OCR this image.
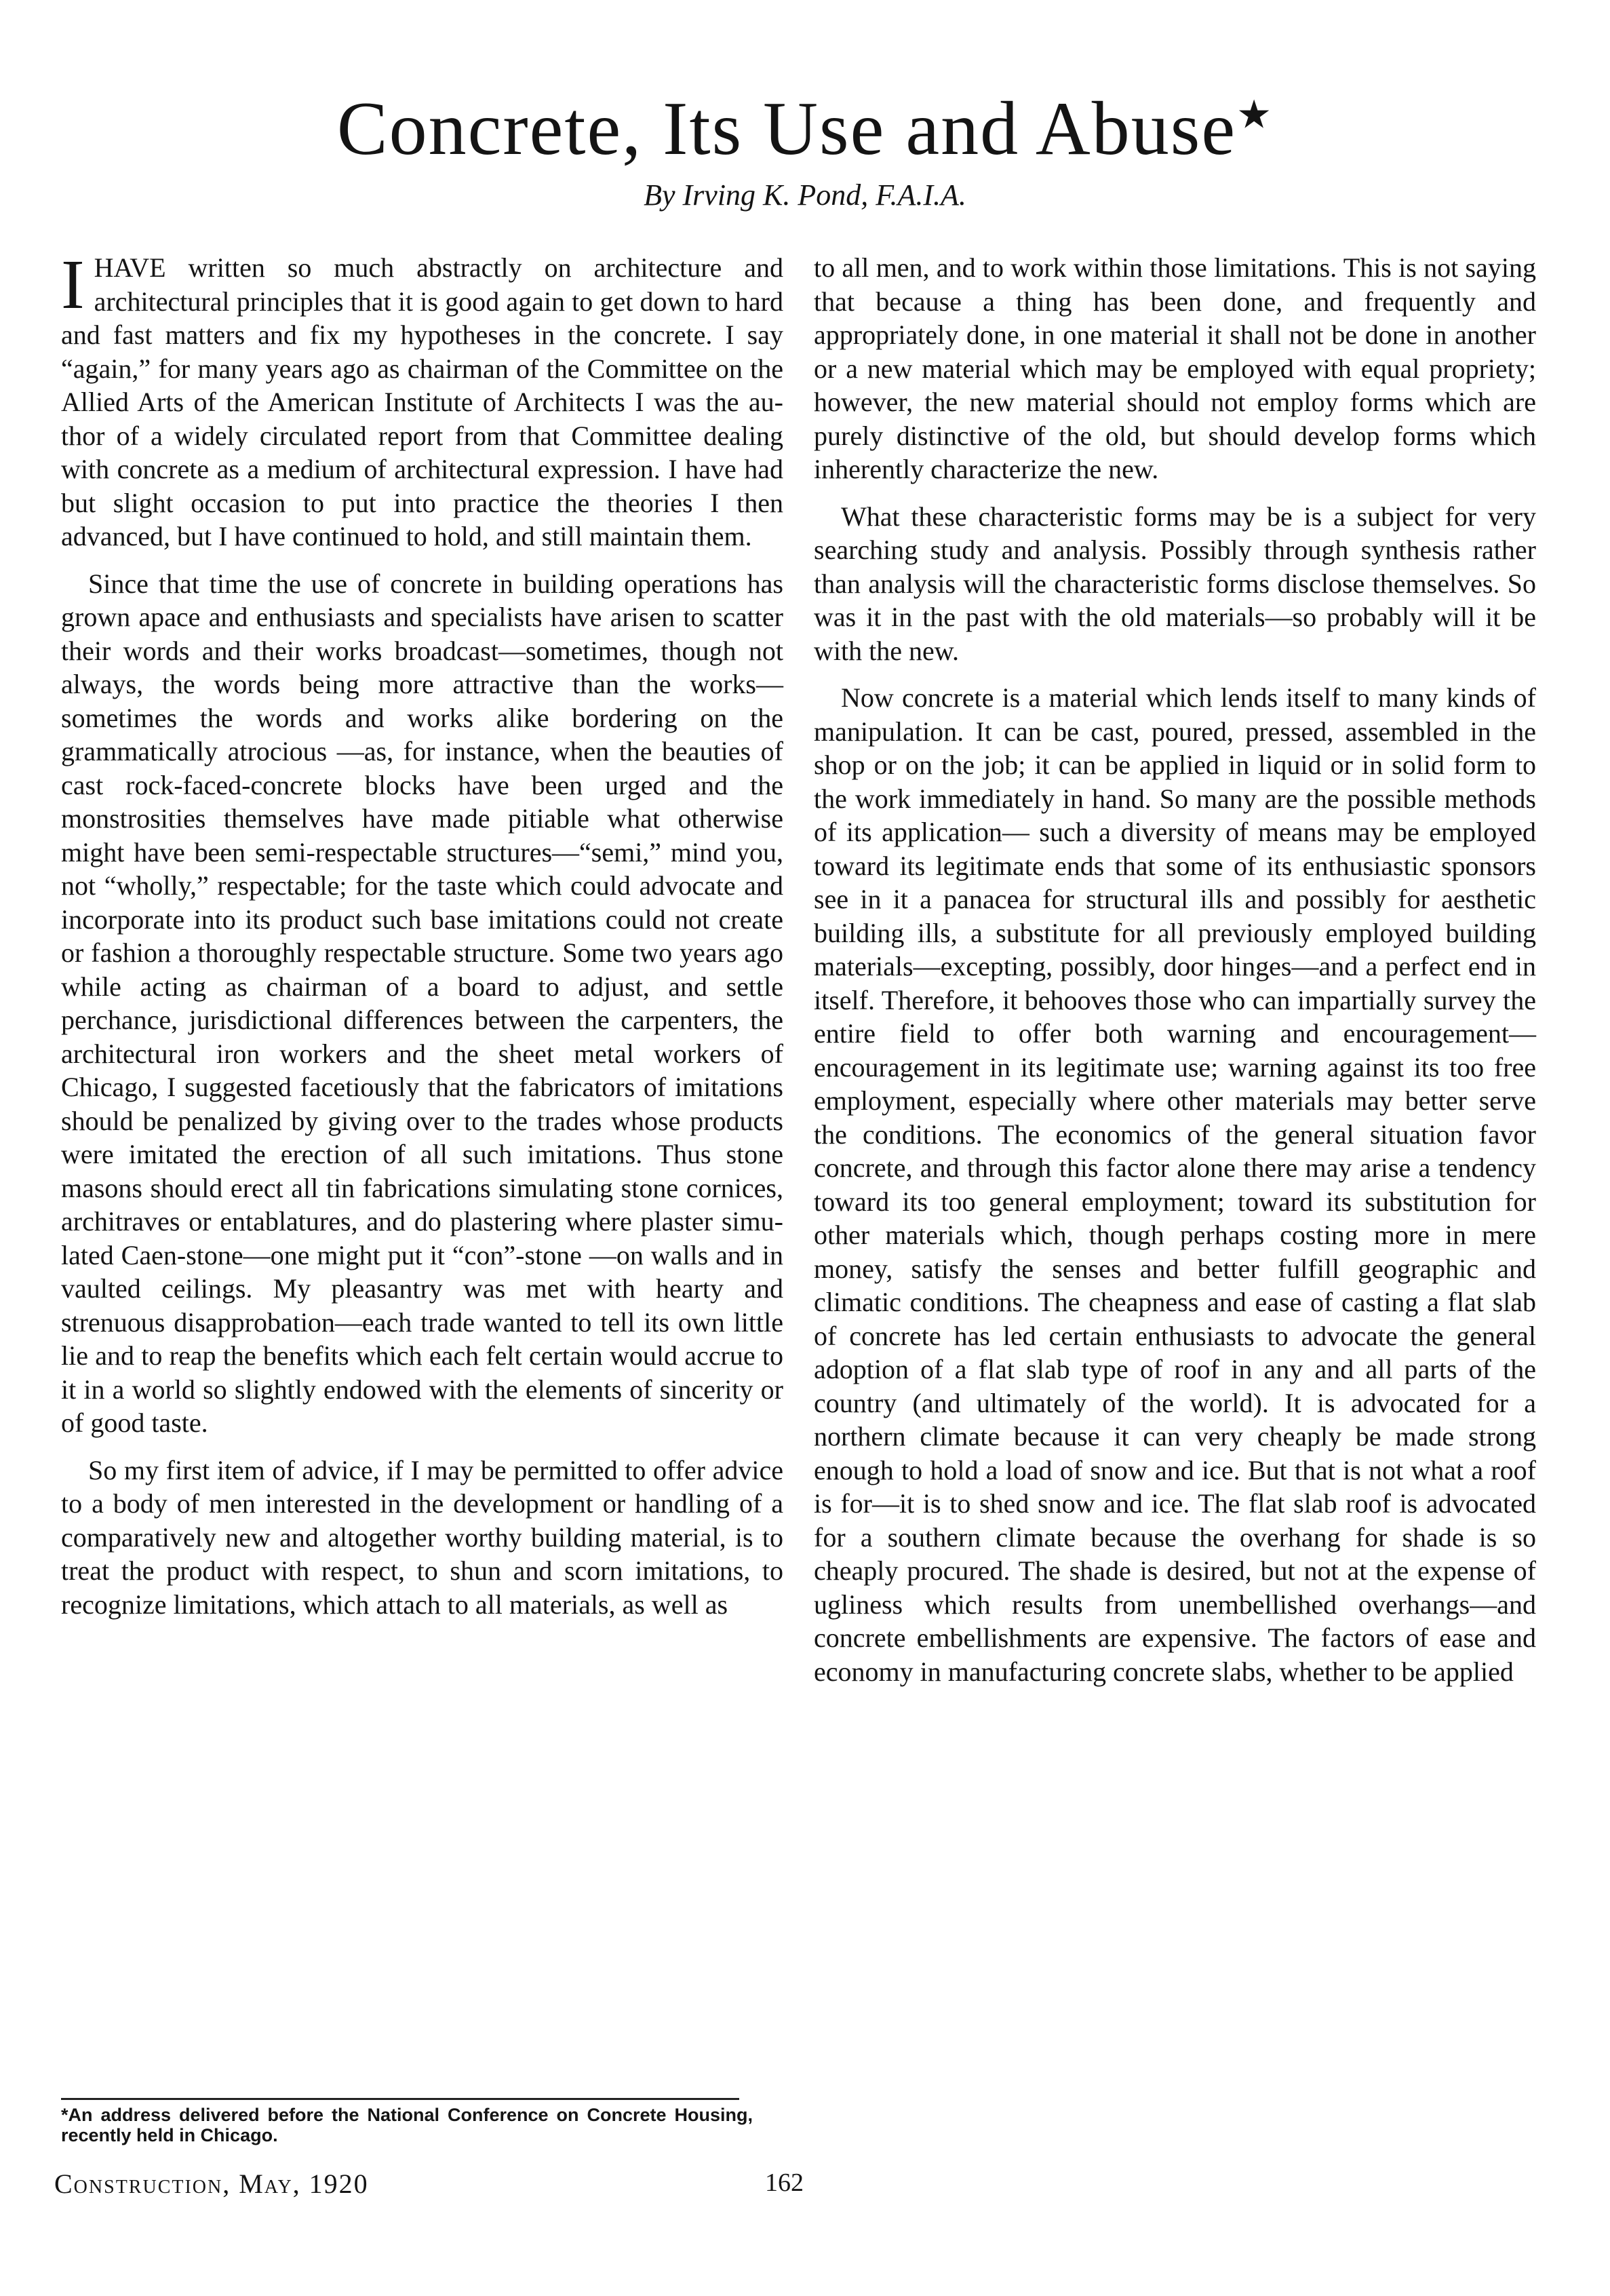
Concrete, Its Use and Abuse★
By Irving K. Pond, F.A.I.A.

IHAVE written so much abstractly on architecture and architectural principles that it is good again to get down to hard and fast matters and fix my hypotheses in the concrete. I say “again,” for many years ago as chairman of the Committee on the Allied Arts of the American Institute of Architects I was the author of a widely circulated report from that Committee dealing with concrete as a medium of architectural expression. I have had but slight occasion to put into practice the theories I then advanced, but I have continued to hold, and still maintain them.

Since that time the use of concrete in building operations has grown apace and enthusiasts and specialists have arisen to scatter their words and their works broadcast—sometimes, though not always, the words being more attractive than the works—sometimes the words and works alike bordering on the grammatically atrocious —as, for instance, when the beauties of cast rock-faced-concrete blocks have been urged and the monstrosities themselves have made pitiable what otherwise might have been semi-respectable structures—“semi,” mind you, not “wholly,” respectable; for the taste which could advocate and incorporate into its product such base imitations could not create or fashion a thoroughly respectable structure. Some two years ago while acting as chairman of a board to adjust, and settle perchance, jurisdictional differences between the carpenters, the architectural iron workers and the sheet metal workers of Chicago, I suggested facetiously that the fabricators of imitations should be penalized by giving over to the trades whose products were imitated the erection of all such imitations. Thus stone masons should erect all tin fabrications simulating stone cornices, architraves or entablatures, and do plastering where plaster simulated Caen-stone—one might put it “con”-stone —on walls and in vaulted ceilings. My pleasantry was met with hearty and strenuous disapprobation—each trade wanted to tell its own little lie and to reap the benefits which each felt certain would accrue to it in a world so slightly endowed with the elements of sincerity or of good taste.

So my first item of advice, if I may be permitted to offer advice to a body of men interested in the development or handling of a comparatively new and altogether worthy building material, is to treat the product with respect, to shun and scorn imitations, to recognize limitations, which attach to all materials, as well as

to all men, and to work within those limitations. This is not saying that because a thing has been done, and frequently and appropriately done, in one material it shall not be done in another or a new material which may be employed with equal propriety; however, the new material should not employ forms which are purely distinctive of the old, but should develop forms which inherently characterize the new.

What these characteristic forms may be is a subject for very searching study and analysis. Possibly through synthesis rather than analysis will the characteristic forms disclose themselves. So was it in the past with the old materials—so probably will it be with the new.

Now concrete is a material which lends itself to many kinds of manipulation. It can be cast, poured, pressed, assembled in the shop or on the job; it can be applied in liquid or in solid form to the work immediately in hand. So many are the possible methods of its application— such a diversity of means may be employed toward its legitimate ends that some of its enthusiastic sponsors see in it a panacea for structural ills and possibly for aesthetic building ills, a substitute for all previously employed building materials—excepting, possibly, door hinges—and a perfect end in itself. Therefore, it behooves those who can impartially survey the entire field to offer both warning and encouragement—encouragement in its legitimate use; warning against its too free employment, especially where other materials may better serve the conditions. The economics of the general situation favor concrete, and through this factor alone there may arise a tendency toward its too general employment; toward its substitution for other materials which, though perhaps costing more in mere money, satisfy the senses and better fulfill geographic and climatic conditions. The cheapness and ease of casting a flat slab of concrete has led certain enthusiasts to advocate the general adoption of a flat slab type of roof in any and all parts of the country (and ultimately of the world). It is advocated for a northern climate because it can very cheaply be made strong enough to hold a load of snow and ice. But that is not what a roof is for—it is to shed snow and ice. The flat slab roof is advocated for a southern climate because the overhang for shade is so cheaply procured. The shade is desired, but not at the expense of ugliness which results from unembellished overhangs—and concrete embellishments are expensive. The factors of ease and economy in manufacturing concrete slabs, whether to be applied

*An address delivered before the National Conference on Concrete Housing, recently held in Chicago.

Construction, May, 1920	162
